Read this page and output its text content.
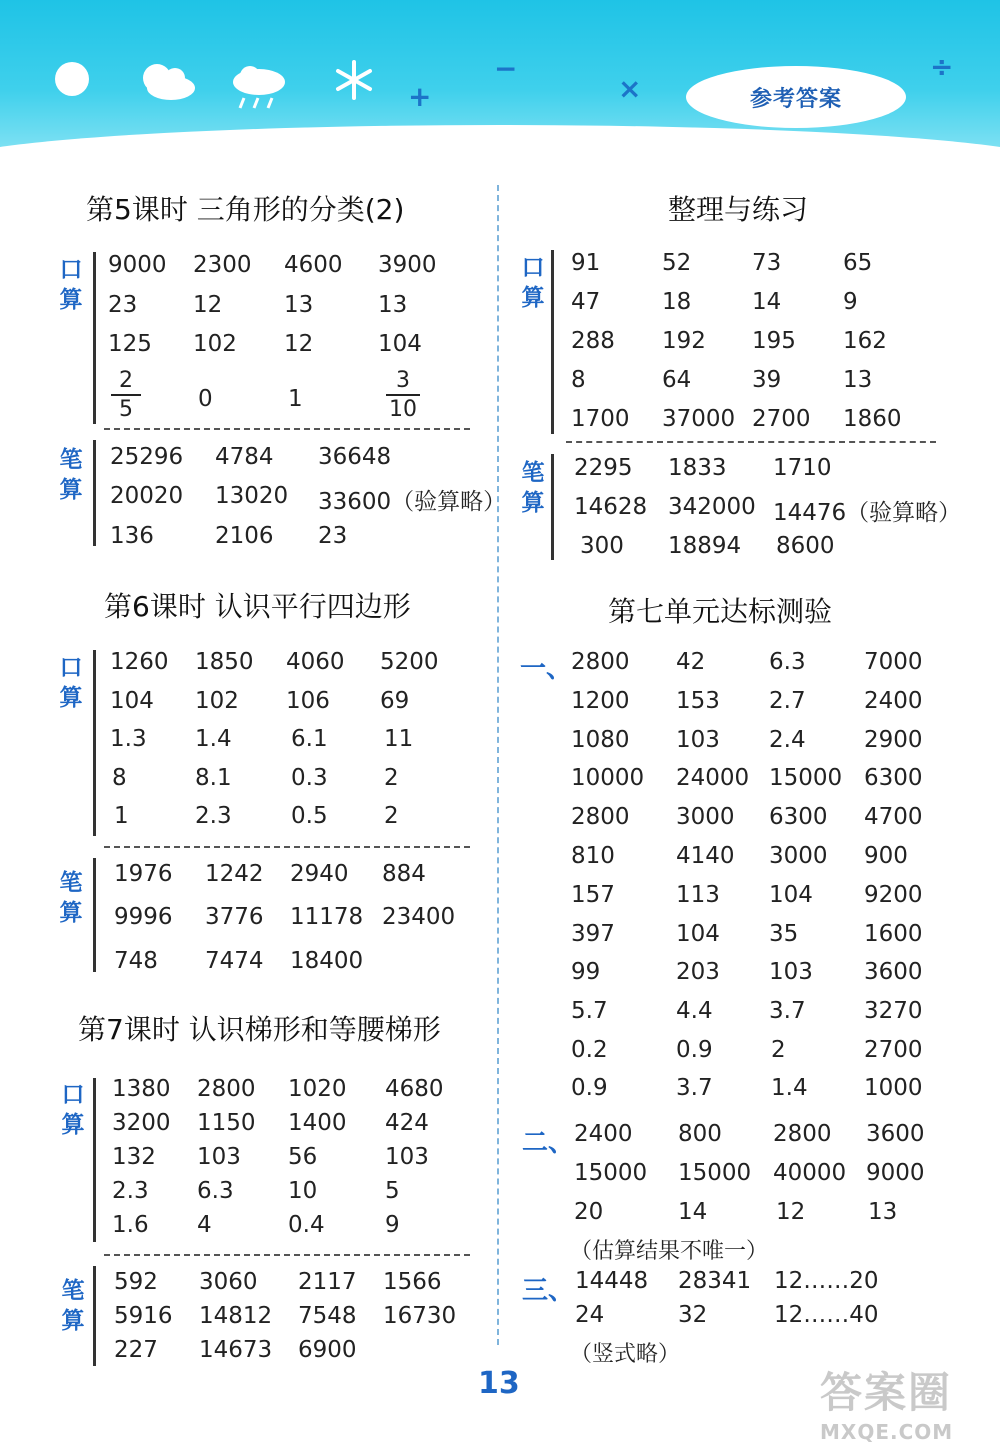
+
−
×
÷
参考答案
第5课时 三角形的分类(2)
口算
笔算
9000 2300 4600 3900
23 12	13	13
125 102 12	104
$\frac{2}{5} 0$	1	$\frac{3}{10}$
25296 4784 36648
20020 13020 33600（验算略）
136	2106 23
第6课时 认识平行四边形
口算
笔算
1260 1850 4060 5200
104 102 106 69
1.3 1.4	6.1 11
8	8.1	0.3 2
1	2.3	0.5 2
1976 1242 2940 884
9996 3776 11178 23400
748 7474 18400
第7课时 认识梯形和等腰梯形
口算
笔算
1380 2800 1020 4680
3200 1150 1400 424
132 103 56	103
2.3 6.3 10	5
1.6 4	0.4	9
592 3060 2117 1566
5916 14812 7548 16730
227 14673 6900
整理与练习
口算
笔算
91	52	73	65
47	18	14	9
288 192 195 162
8	64	39	13
1700 37000 2700 1860
2295 1833 1710
14628 342000 14476（验算略）
300 18894 8600
第七单元达标测验
一、
2800 42	6.3	7000
1200 153 2.7	2400
1080 103 2.4	2900
10000 24000 15000 6300
2800 3000 6300 4700
810	4140 3000 900
157	113 104 9200
397	104 35	1600
99	203 103 3600
5.7	4.4 3.7	3270
0.2	0.9	2	2700
0.9	3.7	1.4 1000
二、 2400 800 2800 3600
15000 15000 40000 9000
20	14	12	13
（估算结果不唯一）
三、 14448 28341 12……20
24	32	12……40
（竖式略）
13	答案圈
MXQE.COM
